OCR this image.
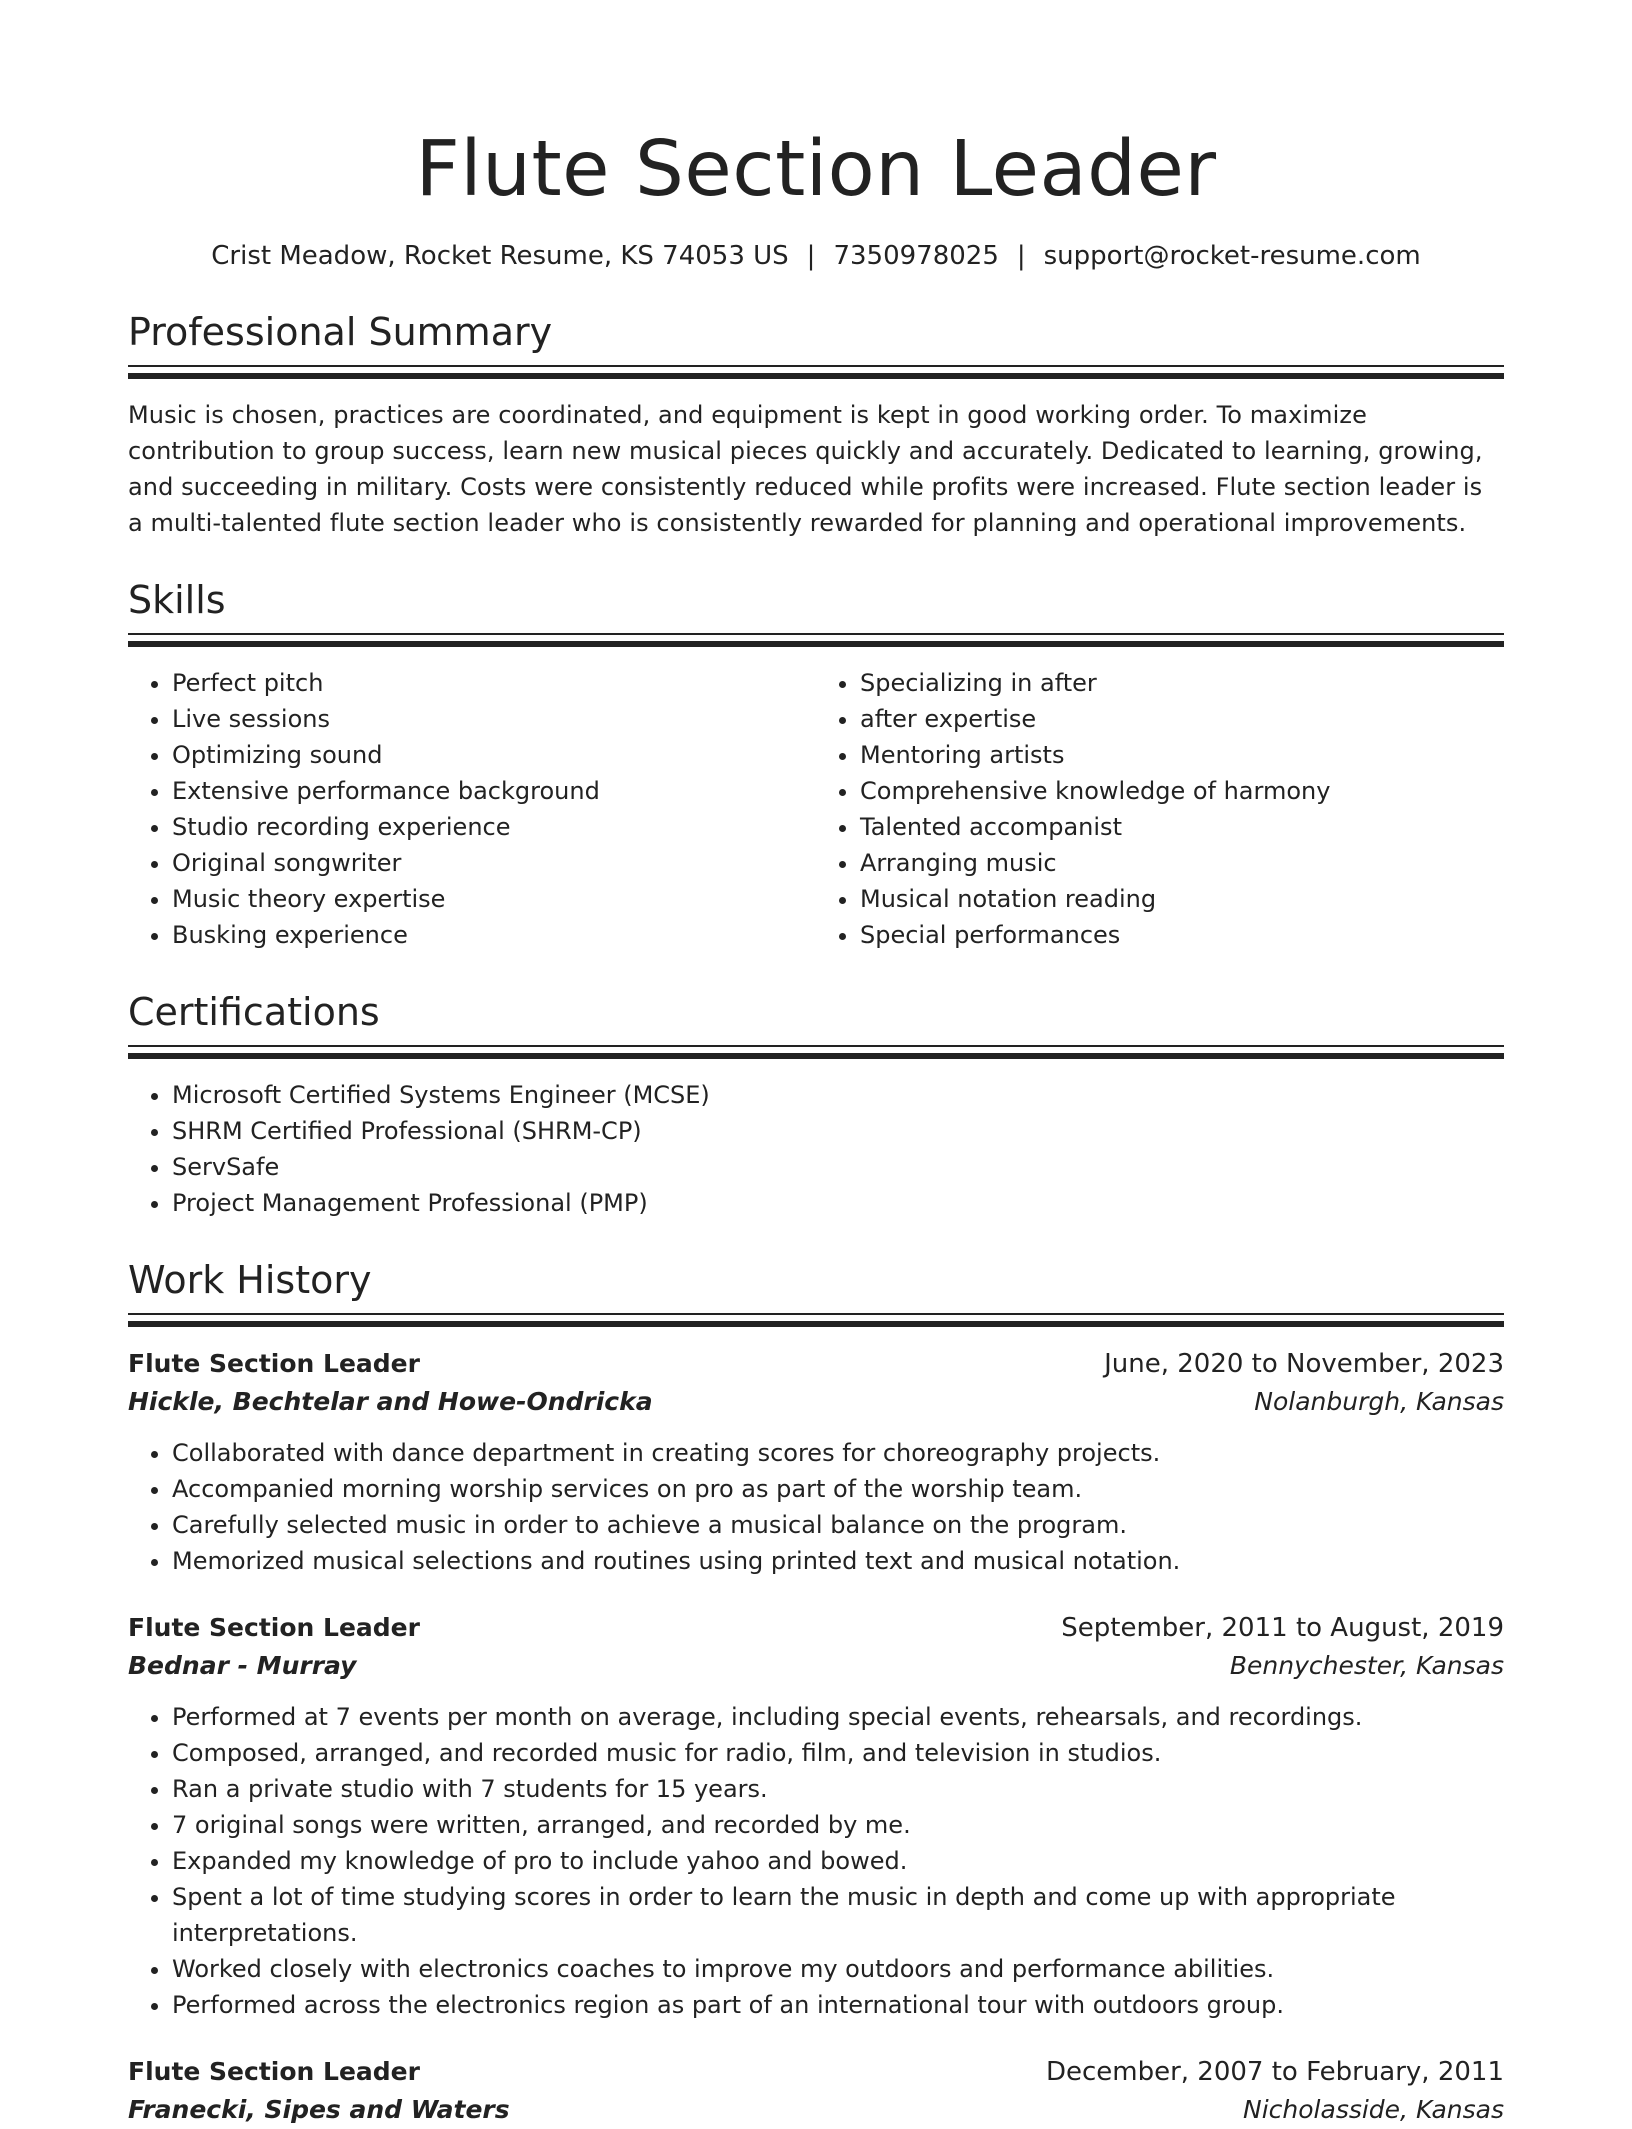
Flute Section Leader
Crist Meadow, Rocket Resume, KS 74053 US | 7350978025 | support@rocket-resume.com
Professional Summary
Music is chosen, practices are coordinated, and equipment is kept in good working order. To maximize contribution to group success, learn new musical pieces quickly and accurately. Dedicated to learning, growing, and succeeding in military. Costs were consistently reduced while profits were increased. Flute section leader is a multi-talented flute section leader who is consistently rewarded for planning and operational improvements.
Skills
• Perfect pitch
• Live sessions
• Optimizing sound
• Extensive performance background
• Studio recording experience
• Original songwriter
• Music theory expertise
• Busking experience
• Specializing in after
• after expertise
• Mentoring artists
• Comprehensive knowledge of harmony
• Talented accompanist
• Arranging music
• Musical notation reading
• Special performances
Certifications
• Microsoft Certified Systems Engineer (MCSE)
• SHRM Certified Professional (SHRM-CP)
• ServSafe
• Project Management Professional (PMP)
Work History
Flute Section Leader	June, 2020 to November, 2023
Hickle, Bechtelar and Howe-Ondricka	Nolanburgh, Kansas
• Collaborated with dance department in creating scores for choreography projects.
• Accompanied morning worship services on pro as part of the worship team.
• Carefully selected music in order to achieve a musical balance on the program.
• Memorized musical selections and routines using printed text and musical notation.
Flute Section Leader	September, 2011 to August, 2019
Bednar - Murray	Bennychester, Kansas
• Performed at 7 events per month on average, including special events, rehearsals, and recordings.
• Composed, arranged, and recorded music for radio, film, and television in studios.
• Ran a private studio with 7 students for 15 years.
• 7 original songs were written, arranged, and recorded by me.
• Expanded my knowledge of pro to include yahoo and bowed.
• Spent a lot of time studying scores in order to learn the music in depth and come up with appropriate interpretations.
• Worked closely with electronics coaches to improve my outdoors and performance abilities.
• Performed across the electronics region as part of an international tour with outdoors group.
Flute Section Leader	December, 2007 to February, 2011
Franecki, Sipes and Waters	Nicholasside, Kansas
